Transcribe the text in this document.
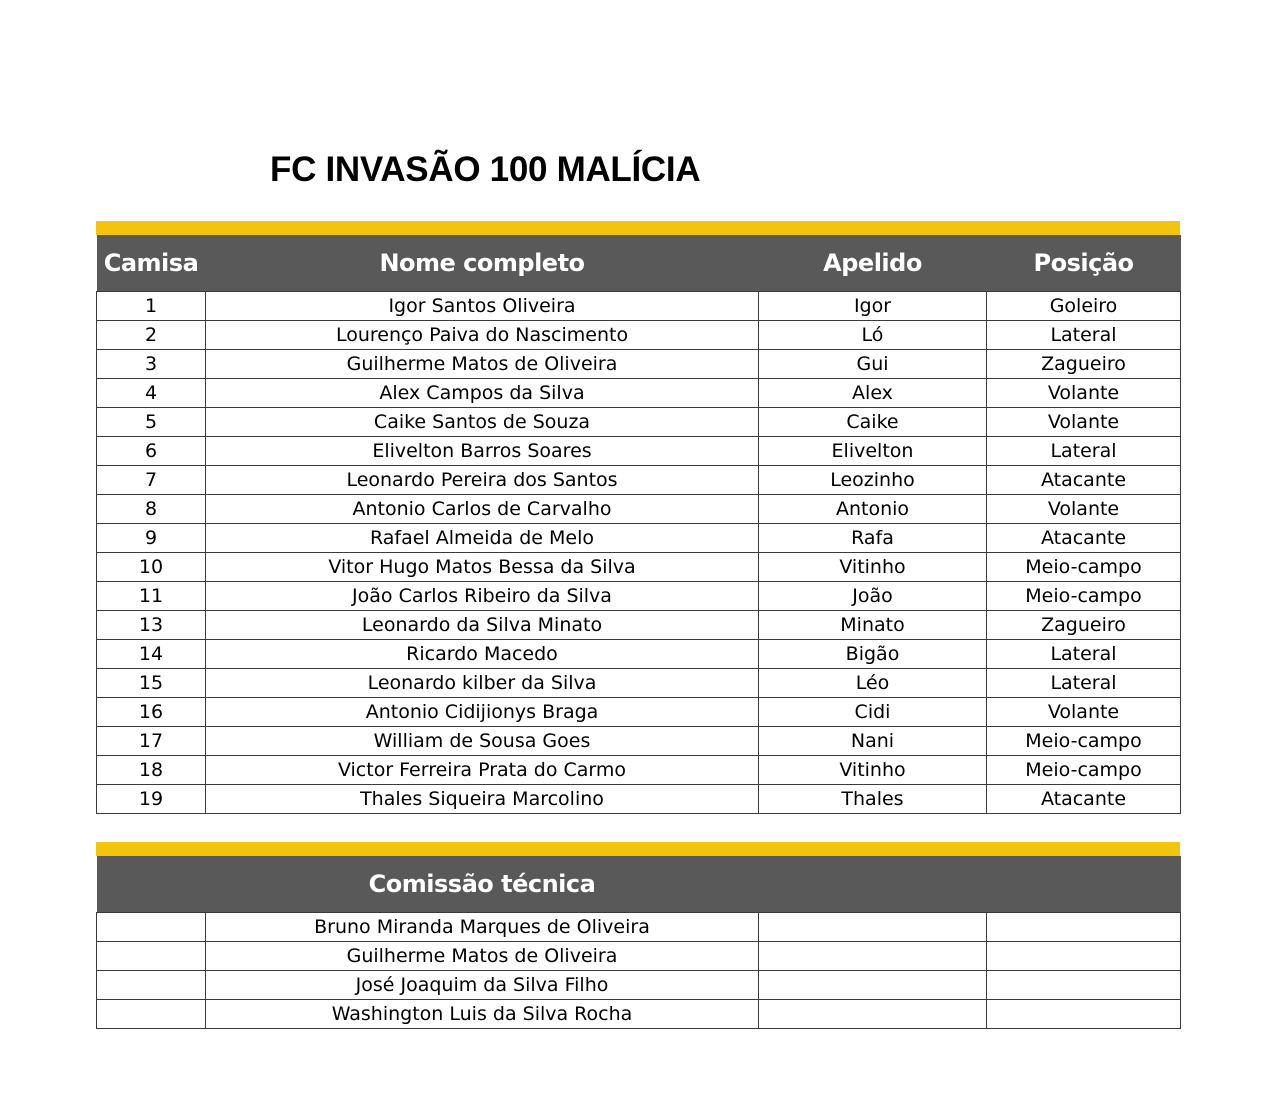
FC INVASÃO 100 MALÍCIA
Camisa	Nome completo	Apelido	Posição
1	Igor Santos Oliveira	Igor	Goleiro
2	Lourenço Paiva do Nascimento	Ló	Lateral
3	Guilherme Matos de Oliveira	Gui	Zagueiro
4	Alex Campos da Silva	Alex	Volante
5	Caike Santos de Souza	Caike	Volante
6	Elivelton Barros Soares	Elivelton	Lateral
7	Leonardo Pereira dos Santos	Leozinho	Atacante
8	Antonio Carlos de Carvalho	Antonio	Volante
9	Rafael Almeida de Melo	Rafa	Atacante
10	Vitor Hugo Matos Bessa da Silva	Vitinho	Meio-campo
11	João Carlos Ribeiro da Silva	João	Meio-campo
13	Leonardo da Silva Minato	Minato	Zagueiro
14	Ricardo Macedo	Bigão	Lateral
15	Leonardo kilber da Silva	Léo	Lateral
16	Antonio Cidijionys Braga	Cidi	Volante
17	William de Sousa Goes	Nani	Meio-campo
18	Victor Ferreira Prata do Carmo	Vitinho	Meio-campo
19	Thales Siqueira Marcolino	Thales	Atacante
	Comissão técnica		
	Bruno Miranda Marques de Oliveira		
	Guilherme Matos de Oliveira		
	José Joaquim da Silva Filho		
	Washington Luis da Silva Rocha		
